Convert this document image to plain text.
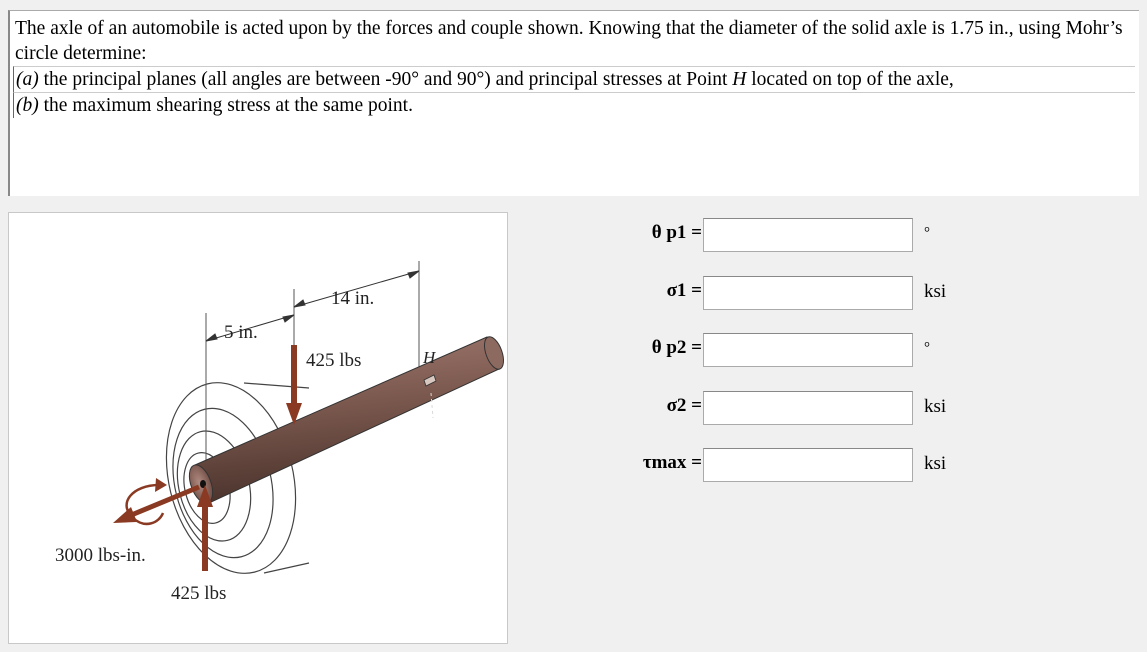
The axle of an automobile is acted upon by the forces and couple shown. Knowing that the diameter of the solid axle is 1.75 in., using Mohr’s circle determine:

(a) the principal planes (all angles are between -90° and 90°) and principal stresses at Point H located on top of the axle,

(b) the maximum shearing stress at the same point.

14 in.
5 in.
425 lbs	H
425 lbs
3000 lbs-in.
θ p1 =	°
σ1 =	ksi
θ p2 =	°
σ2 =	ksi
τmax =	ksi
